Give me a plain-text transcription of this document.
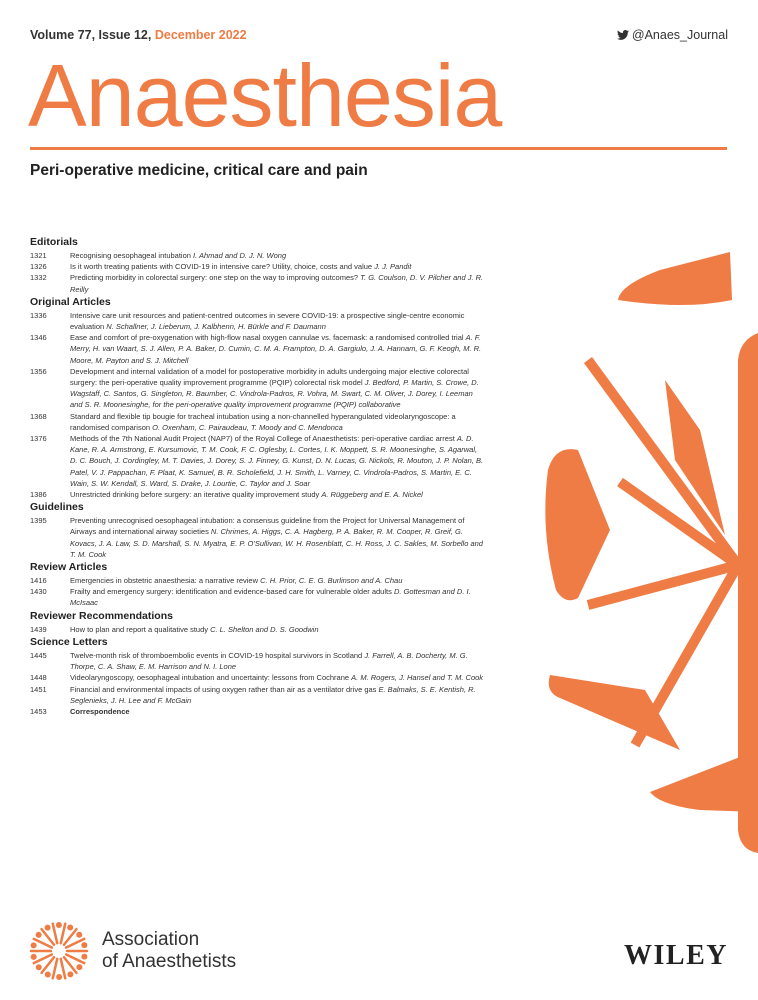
Volume 77, Issue 12, December 2022	@Anaes_Journal
Anaesthesia
Peri-operative medicine, critical care and pain
Editorials
1321	Recognising oesophageal intubation I. Ahmad and D. J. N. Wong
1326	Is it worth treating patients with COVID-19 in intensive care? Utility, choice, costs and value J. J. Pandit
1332	Predicting morbidity in colorectal surgery: one step on the way to improving outcomes? T. G. Coulson, D. V. Pilcher and J. R. Reilly
Original Articles
1336	Intensive care unit resources and patient-centred outcomes in severe COVID-19: a prospective single-centre economic evaluation N. Schallner, J. Lieberum, J. Kalbhenn, H. Bürkle and F. Daumann
1346	Ease and comfort of pre-oxygenation with high-flow nasal oxygen cannulae vs. facemask: a randomised controlled trial A. F. Merry, H. van Waart, S. J. Allen, P. A. Baker, D. Cumin, C. M. A. Frampton, D. A. Gargiulo, J. A. Hannam, G. F. Keogh, M. R. Moore, M. Payton and S. J. Mitchell
1356	Development and internal validation of a model for postoperative morbidity in adults undergoing major elective colorectal surgery: the peri-operative quality improvement programme (PQIP) colorectal risk model J. Bedford, P. Martin, S. Crowe, D. Wagstaff, C. Santos, G. Singleton, R. Baumber, C. Vindrola-Padros, R. Vohra, M. Swart, C. M. Oliver, J. Dorey, I. Leeman and S. R. Moonesinghe, for the peri-operative quality improvement programme (PQIP) collaborative
1368	Standard and flexible tip bougie for tracheal intubation using a non-channelled hyperangulated videolaryngoscope: a randomised comparison O. Oxenham, C. Pairaudeau, T. Moody and C. Mendonca
1376	Methods of the 7th National Audit Project (NAP7) of the Royal College of Anaesthetists: peri-operative cardiac arrest A. D. Kane, R. A. Armstrong, E. Kursumovic, T. M. Cook, F. C. Oglesby, L. Cortes, I. K. Moppett, S. R. Moonesinghe, S. Agarwal, D. C. Bouch, J. Cordingley, M. T. Davies, J. Dorey, S. J. Finney, G. Kunst, D. N. Lucas, G. Nickols, R. Mouton, J. P. Nolan, B. Patel, V. J. Pappachan, F. Plaat, K. Samuel, B. R. Scholefield, J. H. Smith, L. Varney, C. Vindrola-Padros, S. Martin, E. C. Wain, S. W. Kendall, S. Ward, S. Drake, J. Lourtie, C. Taylor and J. Soar
1386	Unrestricted drinking before surgery: an iterative quality improvement study A. Rüggeberg and E. A. Nickel
Guidelines
1395	Preventing unrecognised oesophageal intubation: a consensus guideline from the Project for Universal Management of Airways and international airway societies N. Chrimes, A. Higgs, C. A. Hagberg, P. A. Baker, R. M. Cooper, R. Greif, G. Kovacs, J. A. Law, S. D. Marshall, S. N. Myatra, E. P. O'Sullivan, W. H. Rosenblatt, C. H. Ross, J. C. Sakles, M. Sorbello and T. M. Cook
Review Articles
1416	Emergencies in obstetric anaesthesia: a narrative review C. H. Prior, C. E. G. Burlinson and A. Chau
1430	Frailty and emergency surgery: identification and evidence-based care for vulnerable older adults D. Gottesman and D. I. McIsaac
Reviewer Recommendations
1439	How to plan and report a qualitative study C. L. Shelton and D. S. Goodwin
Science Letters
1445	Twelve-month risk of thromboembolic events in COVID-19 hospital survivors in Scotland J. Farrell, A. B. Docherty, M. G. Thorpe, C. A. Shaw, E. M. Harrison and N. I. Lone
1448	Videolaryngoscopy, oesophageal intubation and uncertainty: lessons from Cochrane A. M. Rogers, J. Hansel and T. M. Cook
1451	Financial and environmental impacts of using oxygen rather than air as a ventilator drive gas E. Balmaks, S. E. Kentish, R. Seglenieks, J. H. Lee and F. McGain
1453	Correspondence
Association
of Anaesthetists	WILEY
